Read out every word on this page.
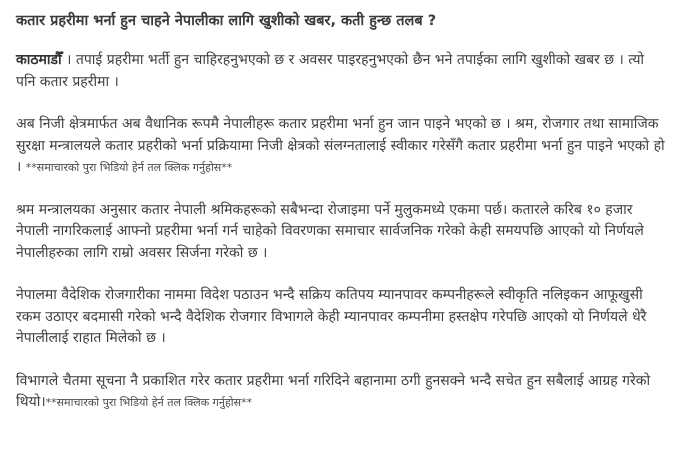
कतार प्रहरीमा भर्ना हुन चाहने नेपालीका लागि खुशीको खबर, कती हुन्छ तलब ?

काठमाडौँ । तपाई प्रहरीमा भर्ती हुन चाहिरहनुभएको छ र अवसर पाइरहनुभएको छैन भने तपाईका लागि खुशीको खबर छ । त्यो पनि कतार प्रहरीमा ।

अब निजी क्षेत्रमार्फत अब वैधानिक रूपमै नेपालीहरू कतार प्रहरीमा भर्ना हुन जान पाइने भएको छ । श्रम, रोजगार तथा सामाजिक सुरक्षा मन्त्रालयले कतार प्रहरीको भर्ना प्रक्रियामा निजी क्षेत्रको संलग्नतालाई स्वीकार गरेसँगै कतार प्रहरीमा भर्ना हुन पाइने भएको हो । **समाचारको पुरा भिडियो हेर्न तल क्लिक गर्नुहोस**

श्रम मन्त्रालयका अनुसार कतार नेपाली श्रमिकहरूको सबैभन्दा रोजाइमा पर्ने मुलुकमध्ये एकमा पर्छ। कतारले करिब १० हजार नेपाली नागरिकलाई आफ्नो प्रहरीमा भर्ना गर्न चाहेको विवरणका समाचार सार्वजनिक गरेको केही समयपछि आएको यो निर्णयले नेपालीहरुका लागि राम्रो अवसर सिर्जना गरेको छ ।

नेपालमा वैदेशिक रोजगारीका नाममा विदेश पठाउन भन्दै सक्रिय कतिपय म्यानपावर कम्पनीहरूले स्वीकृति नलिइकन आफूखुसी रकम उठाएर बदमासी गरेको भन्दै वैदेशिक रोजगार विभागले केही म्यानपावर कम्पनीमा हस्तक्षेप गरेपछि आएको यो निर्णयले धेरै नेपालीलाई राहात मिलेको छ ।

विभागले चैतमा सूचना नै प्रकाशित गरेर कतार प्रहरीमा भर्ना गरिदिने बहानामा ठगी हुनसक्ने भन्दै सचेत हुन सबैलाई आग्रह गरेको थियो।**समाचारको पुरा भिडियो हेर्न तल क्लिक गर्नुहोस**
